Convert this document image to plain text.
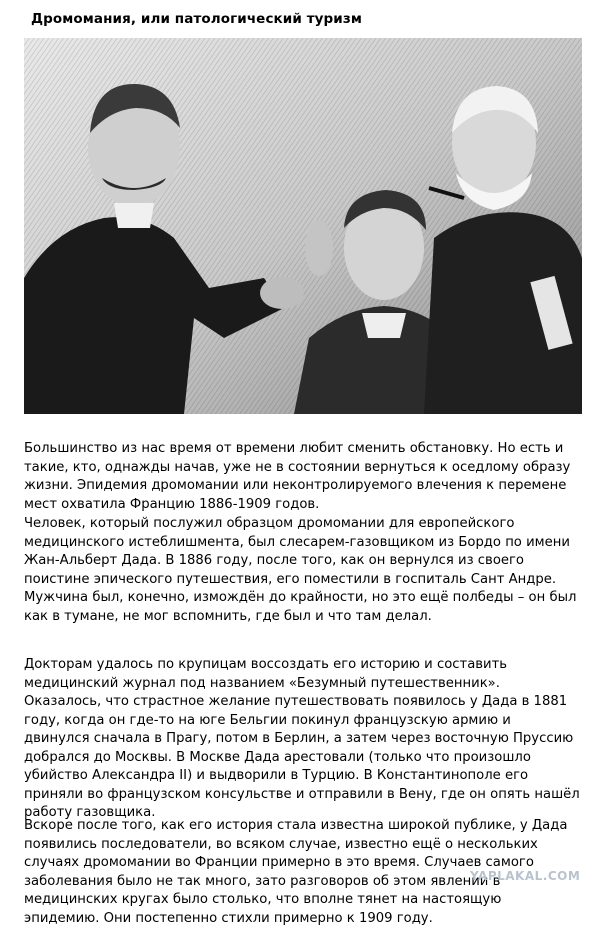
Дромомания, или патологический туризм

Большинство из нас время от времени любит сменить обстановку. Но есть и такие, кто, однажды начав, уже не в состоянии вернуться к оседлому образу жизни. Эпидемия дромомании или неконтролируемого влечения к перемене мест охватила Францию 1886-1909 годов.

Человек, который послужил образцом дромомании для европейского медицинского истеблишмента, был слесарем-газовщиком из Бордо по имени Жан-Альберт Дада. В 1886 году, после того, как он вернулся из своего поистине эпического путешествия, его поместили в госпиталь Сант Андре. Мужчина был, конечно, измождён до крайности, но это ещё полбеды – он был как в тумане, не мог вспомнить, где был и что там делал.

Докторам удалось по крупицам воссоздать его историю и составить медицинский журнал под названием «Безумный путешественник». Оказалось, что страстное желание путешествовать появилось у Дада в 1881 году, когда он где-то на юге Бельгии покинул французскую армию и двинулся сначала в Прагу, потом в Берлин, а затем через восточную Пруссию добрался до Москвы. В Москве Дада арестовали (только что произошло убийство Александра II) и выдворили в Турцию. В Константинополе его приняли во французском консульстве и отправили в Вену, где он опять нашёл работу газовщика.

Вскоре после того, как его история стала известна широкой публике, у Дада появились последователи, во всяком случае, известно ещё о нескольких случаях дромомании во Франции примерно в это время. Случаев самого заболевания было не так много, зато разговоров об этом явлении в медицинских кругах было столько, что вполне тянет на настоящую эпидемию. Они постепенно стихли примерно к 1909 году.

YAPLAKAL.COM
